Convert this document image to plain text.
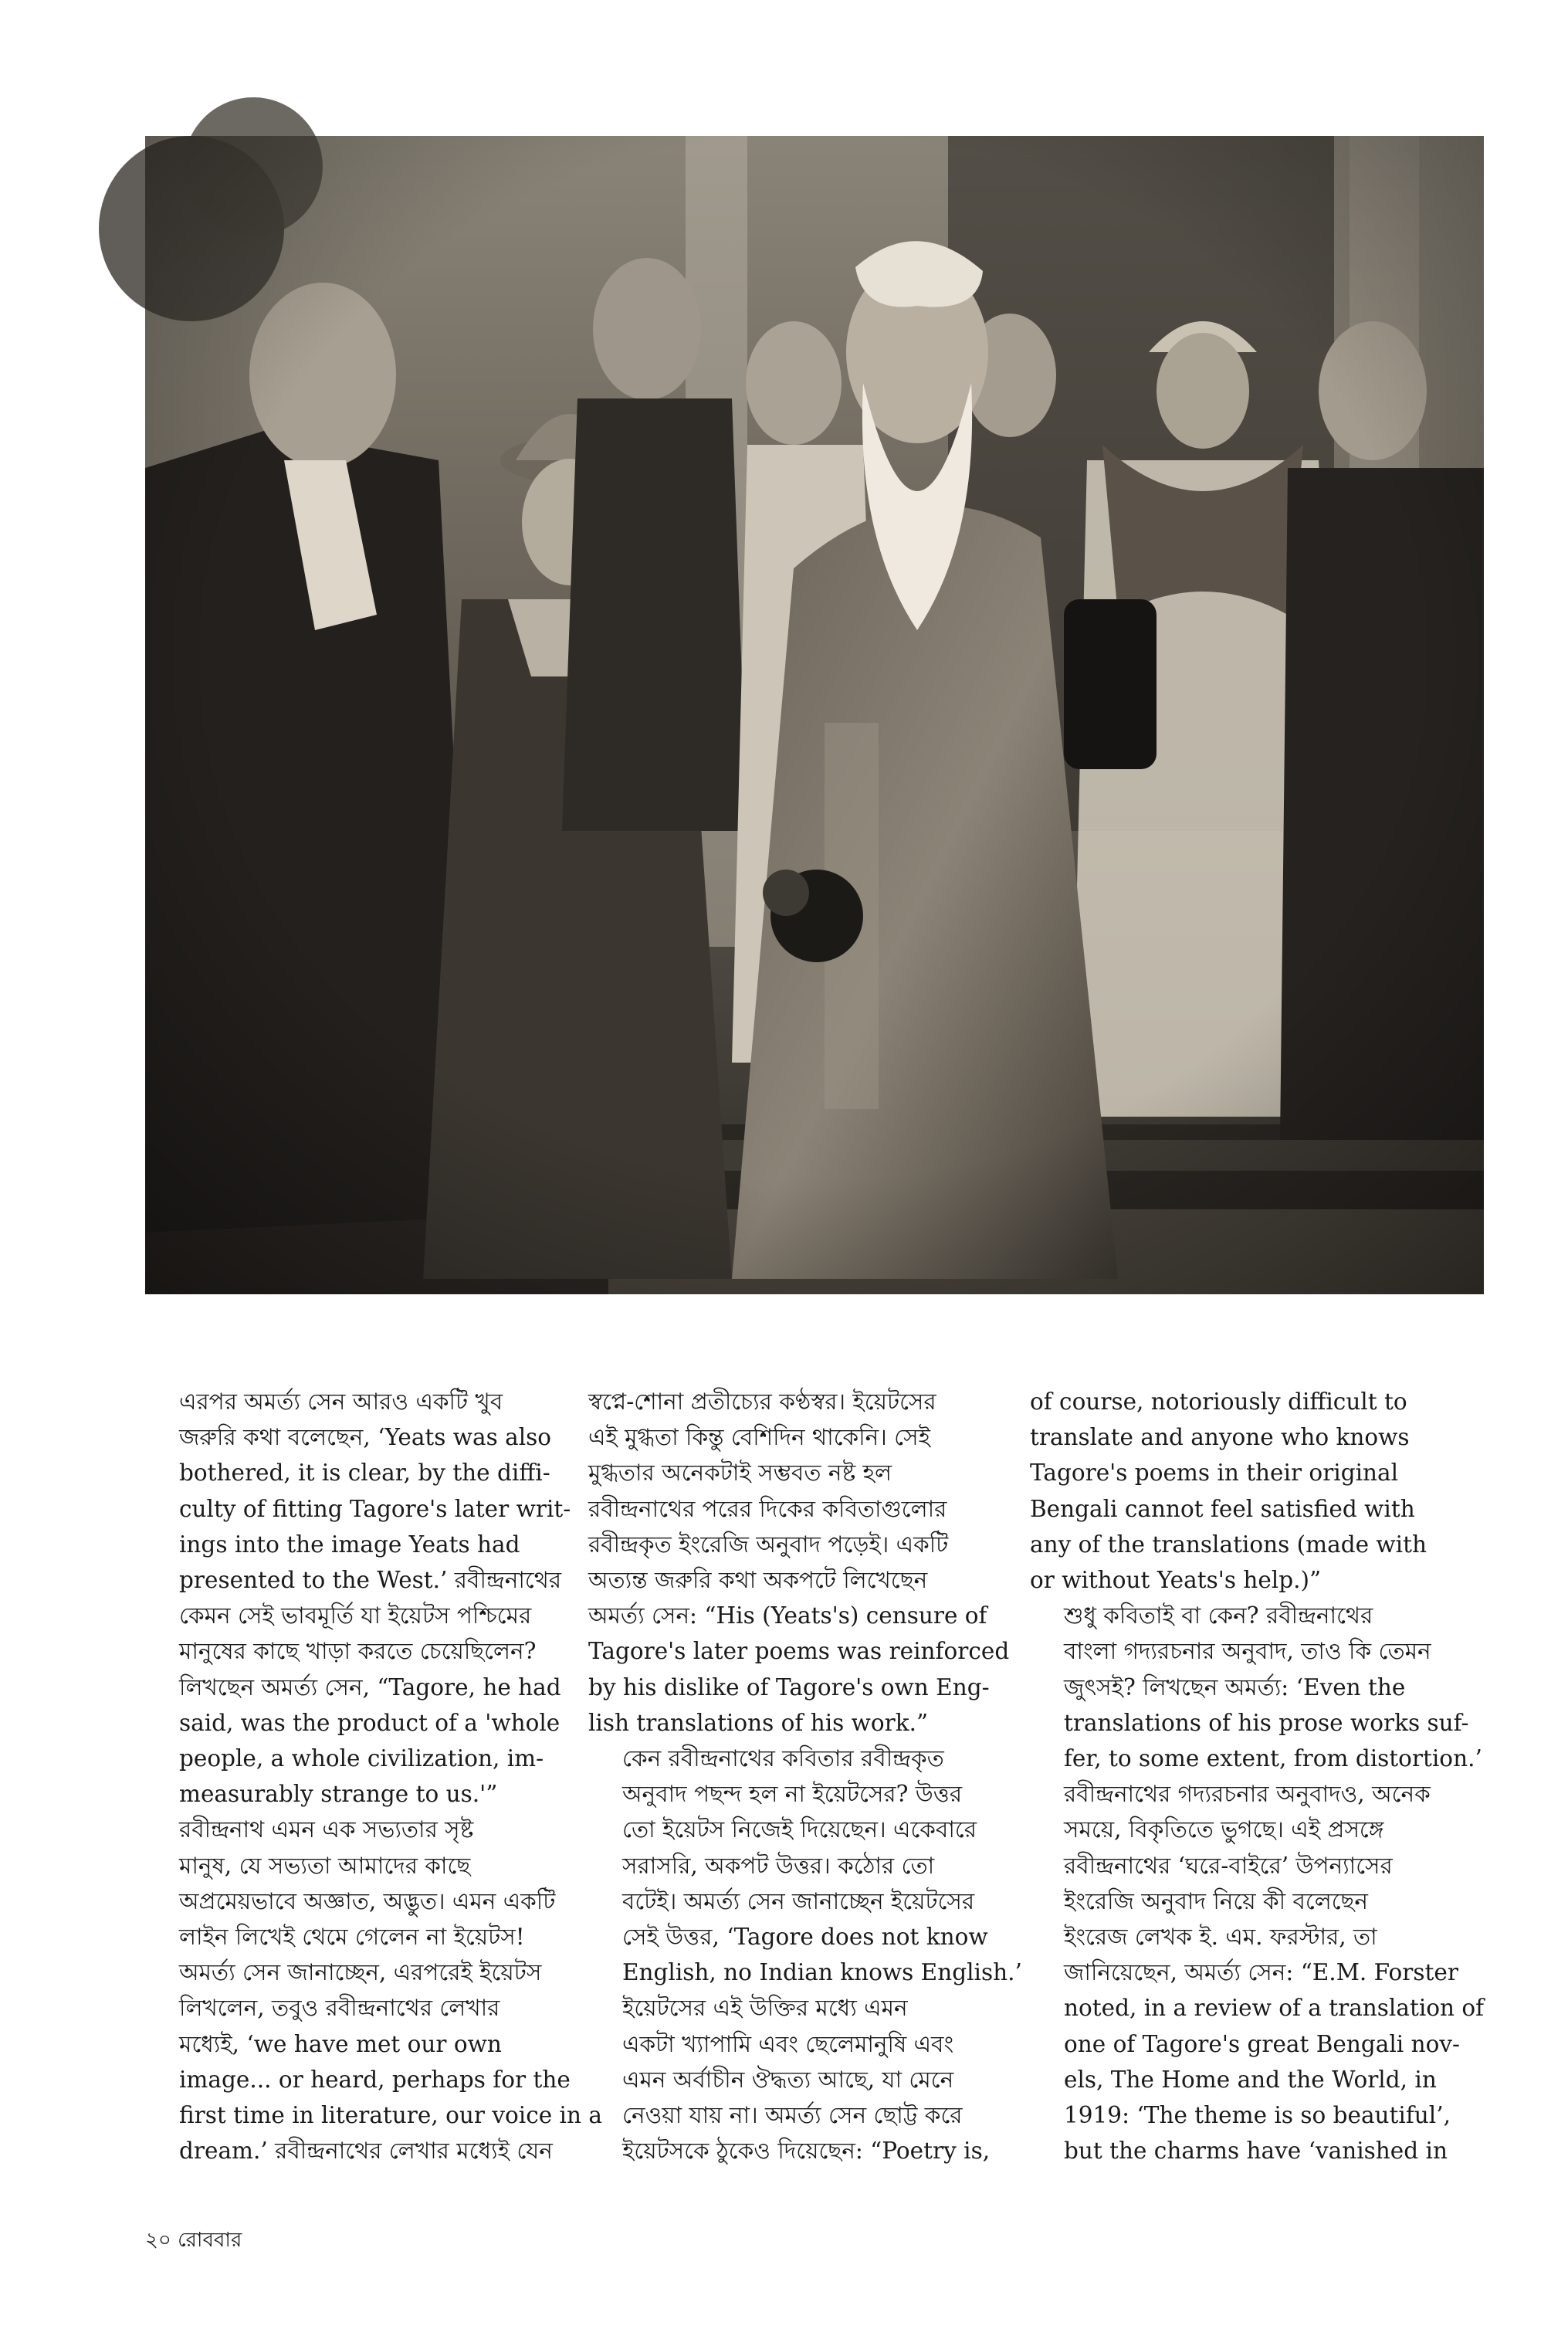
এরপর অমর্ত্য সেন আরও একটি খুব
জরুরি কথা বলেছেন, ‘Yeats was also
bothered, it is clear, by the diffi-
culty of fitting Tagore's later writ-
ings into the image Yeats had
presented to the West.’ রবীন্দ্রনাথের
কেমন সেই ভাবমূর্তি যা ইয়েটস পশ্চিমের
মানুষের কাছে খাড়া করতে চেয়েছিলেন?
লিখছেন অমর্ত্য সেন, “Tagore, he had
said, was the product of a 'whole
people, a whole civilization, im-
measurably strange to us.'”

রবীন্দ্রনাথ এমন এক সভ্যতার সৃষ্ট
মানুষ, যে সভ্যতা আমাদের কাছে
অপ্রমেয়ভাবে অজ্ঞাত, অদ্ভুত। এমন একটি
লাইন লিখেই থেমে গেলেন না ইয়েটস!
অমর্ত্য সেন জানাচ্ছেন, এরপরেই ইয়েটস
লিখলেন, তবুও রবীন্দ্রনাথের লেখার
মধ্যেই, ‘we have met our own
image... or heard, perhaps for the
first time in literature, our voice in a
dream.’ রবীন্দ্রনাথের লেখার মধ্যেই যেন

স্বপ্নে-শোনা প্রতীচ্যের কণ্ঠস্বর। ইয়েটসের
এই মুগ্ধতা কিন্তু বেশিদিন থাকেনি। সেই
মুগ্ধতার অনেকটাই সম্ভবত নষ্ট হল
রবীন্দ্রনাথের পরের দিকের কবিতাগুলোর
রবীন্দ্রকৃত ইংরেজি অনুবাদ পড়েই। একটি
অত্যন্ত জরুরি কথা অকপটে লিখেছেন
অমর্ত্য সেন: “His (Yeats's) censure of
Tagore's later poems was reinforced
by his dislike of Tagore's own Eng-
lish translations of his work.”

কেন রবীন্দ্রনাথের কবিতার রবীন্দ্রকৃত
অনুবাদ পছন্দ হল না ইয়েটসের? উত্তর
তো ইয়েটস নিজেই দিয়েছেন। একেবারে
সরাসরি, অকপট উত্তর। কঠোর তো
বটেই। অমর্ত্য সেন জানাচ্ছেন ইয়েটসের
সেই উত্তর, ‘Tagore does not know
English, no Indian knows English.’

ইয়েটসের এই উক্তির মধ্যে এমন
একটা খ্যাপামি এবং ছেলেমানুষি এবং
এমন অর্বাচীন ঔদ্ধত্য আছে, যা মেনে
নেওয়া যায় না। অমর্ত্য সেন ছোট্ট করে
ইয়েটসকে ঠুকেও দিয়েছেন: “Poetry is,

of course, notoriously difficult to
translate and anyone who knows
Tagore's poems in their original
Bengali cannot feel satisfied with
any of the translations (made with
or without Yeats's help.)”

শুধু কবিতাই বা কেন? রবীন্দ্রনাথের
বাংলা গদ্যরচনার অনুবাদ, তাও কি তেমন
জুৎসই? লিখছেন অমর্ত্য: ‘Even the
translations of his prose works suf-
fer, to some extent, from distortion.’
রবীন্দ্রনাথের গদ্যরচনার অনুবাদও, অনেক
সময়ে, বিকৃতিতে ভুগছে। এই প্রসঙ্গে
রবীন্দ্রনাথের ‘ঘরে-বাইরে’ উপন্যাসের
ইংরেজি অনুবাদ নিয়ে কী বলেছেন
ইংরেজ লেখক ই. এম. ফরস্টার, তা
জানিয়েছেন, অমর্ত্য সেন: “E.M. Forster
noted, in a review of a translation of
one of Tagore's great Bengali nov-
els, The Home and the World, in
1919: ‘The theme is so beautiful’,
but the charms have ‘vanished in

২০ রোববার
